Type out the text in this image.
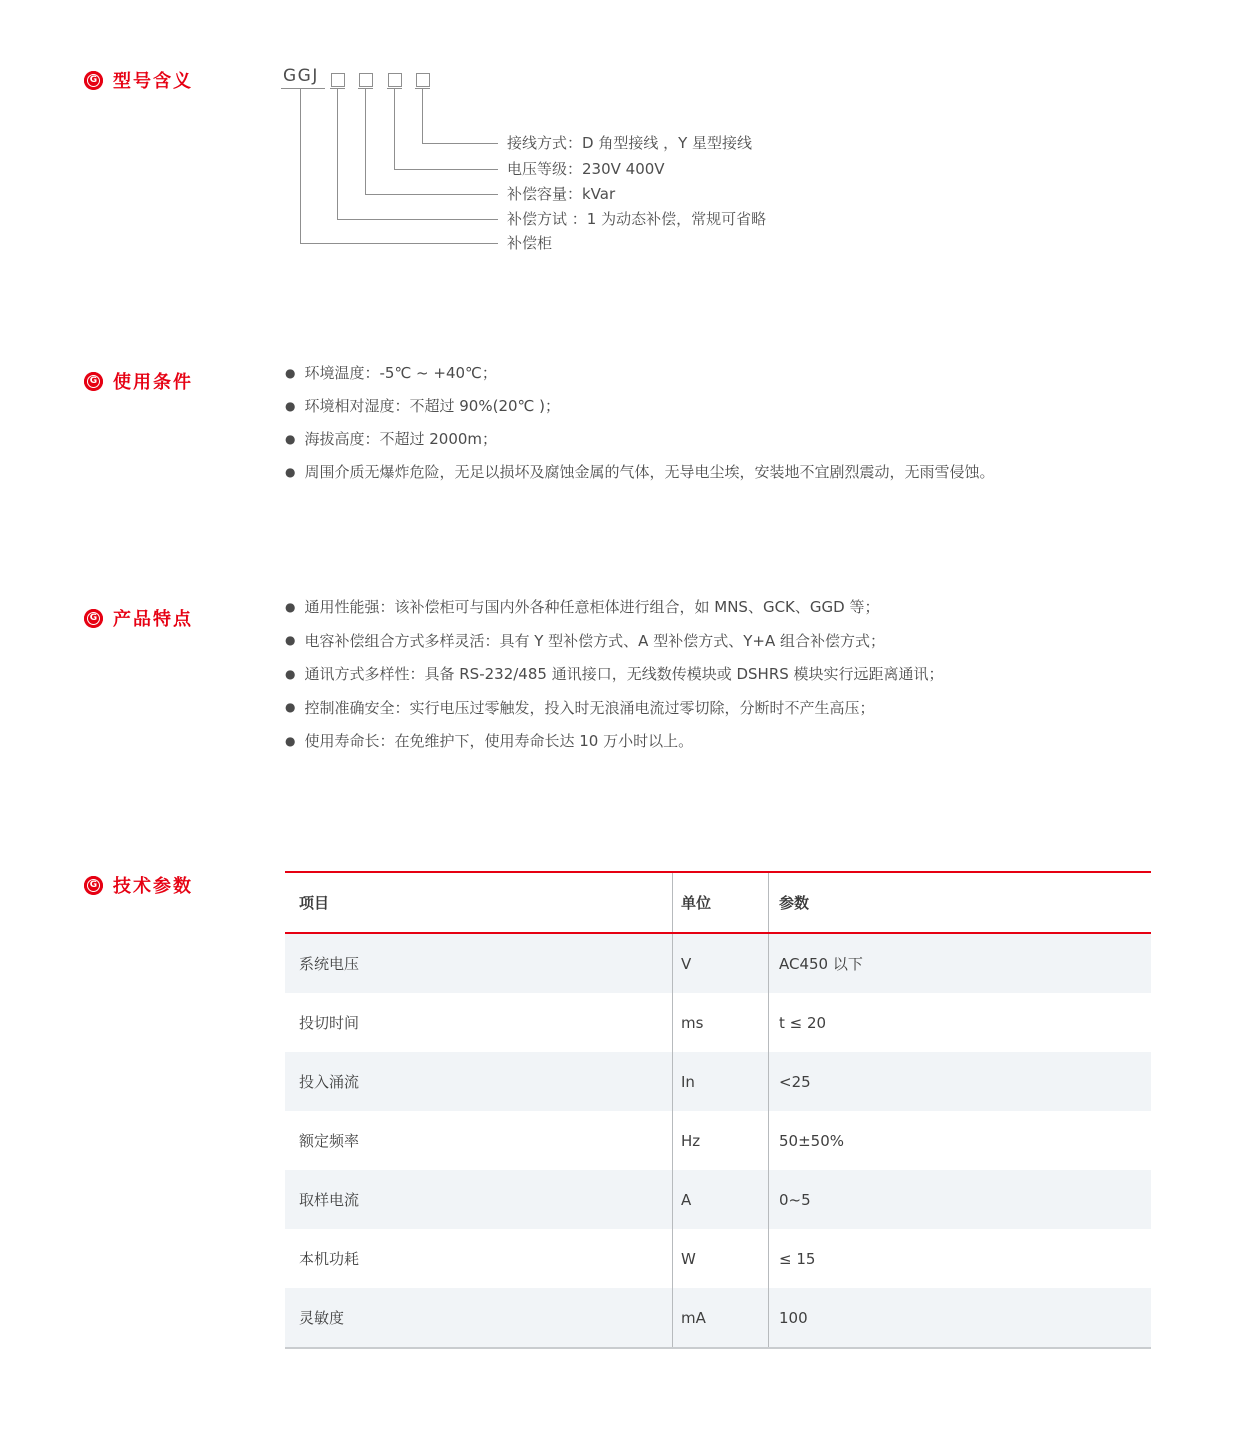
G 型号含义	GGJ
接线方式：D 角型接线 ，Y 星型接线
电压等级：230V 400V
补偿容量：kVar
补偿方试 ：1 为动态补偿，常规可省略
补偿柜
G 使用条件	● 环境温度：-5℃ ~ +40℃；
● 环境相对湿度：不超过 90%(20℃ )；
● 海拔高度：不超过 2000m；
● 周围介质无爆炸危险，无足以损坏及腐蚀金属的气体，无导电尘埃，安装地不宜剧烈震动，无雨雪侵蚀。
G 产品特点
● 通用性能强：该补偿柜可与国内外各种任意柜体进行组合，如 MNS、GCK、GGD 等；
● 电容补偿组合方式多样灵活：具有 Y 型补偿方式、A 型补偿方式、Y+A 组合补偿方式；
● 通讯方式多样性：具备 RS-232/485 通讯接口，无线数传模块或 DSHRS 模块实行远距离通讯；
● 控制准确安全：实行电压过零触发，投入时无浪涌电流过零切除，分断时不产生高压；
● 使用寿命长：在免维护下，使用寿命长达 10 万小时以上。
G 技术参数
项目	单位	参数
系统电压	V	AC450 以下
投切时间	ms	t ≤ 20
投入涌流	In	<25
额定频率	Hz	50±50%
取样电流	A	0~5
本机功耗	W	≤ 15
灵敏度	mA	100
